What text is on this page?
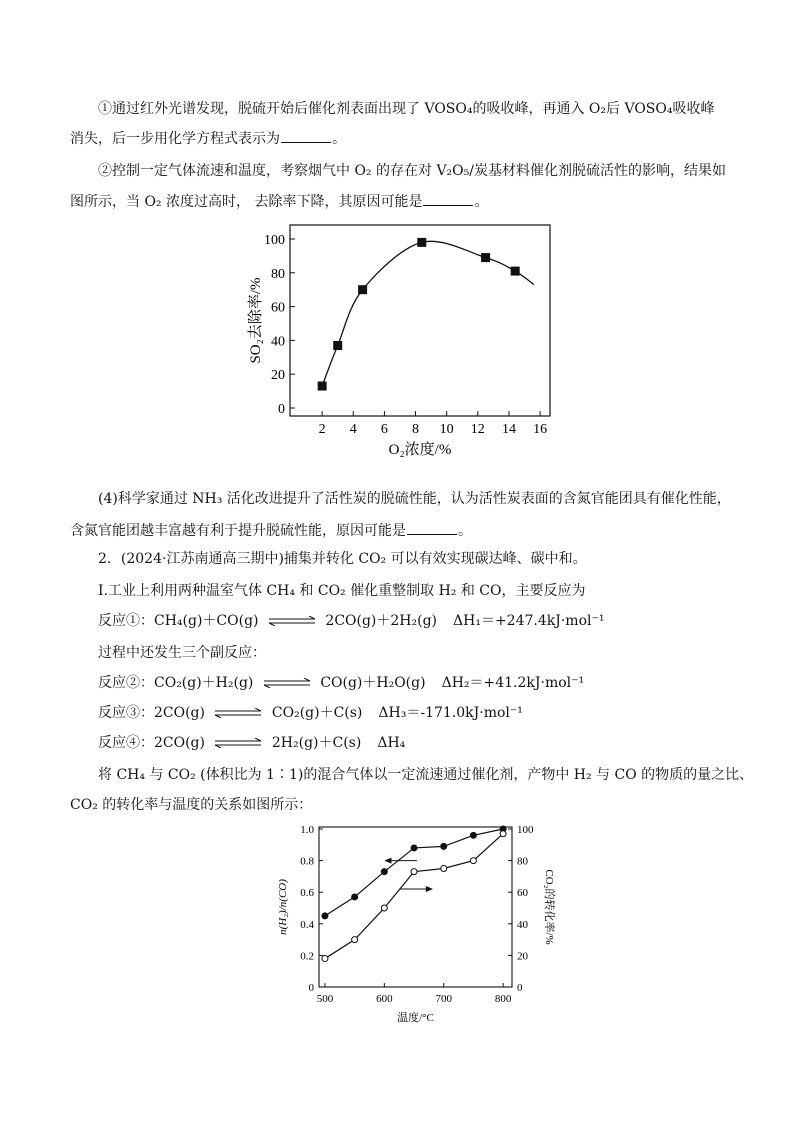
①通过红外光谱发现，脱硫开始后催化剂表面出现了 VOSO₄的吸收峰，再通入 O₂后 VOSO₄吸收峰
消失，后一步用化学方程式表示为	。
②控制一定气体流速和温度，考察烟气中 O₂ 的存在对 V₂O₅/炭基材料催化剂脱硫活性的影响，结果如
图所示，当 O₂ 浓度过高时， 去除率下降，其原因可能是	。
0
20
40
60
80
100
2 4 6 8 10 12 14 16
O₂浓度/%
SO₂去除率/%
(4)科学家通过 NH₃ 活化改进提升了活性炭的脱硫性能，认为活性炭表面的含氮官能团具有催化性能，
含氮官能团越丰富越有利于提升脱硫性能，原因可能是	。
2．(2024·江苏南通高三期中)捕集并转化 CO₂ 可以有效实现碳达峰、碳中和。
Ⅰ.工业上利用两种温室气体 CH₄ 和 CO₂ 催化重整制取 H₂ 和 CO，主要反应为
反应①：CH₄(g)＋CO(g) ⇌ 2CO(g)＋2H₂(g) ΔH₁＝+247.4kJ·mol⁻¹
过程中还发生三个副反应：
反应②：CO₂(g)＋H₂(g) ⇌ CO(g)＋H₂O(g) ΔH₂＝+41.2kJ·mol⁻¹
反应③：2CO(g) ⇌ CO₂(g)＋C(s) ΔH₃＝-171.0kJ·mol⁻¹
反应④：2CO(g) ⇌ 2H₂(g)＋C(s) ΔH₄
将 CH₄ 与 CO₂ (体积比为 1∶1)的混合气体以一定流速通过催化剂，产物中 H₂ 与 CO 的物质的量之比、
CO₂ 的转化率与温度的关系如图所示：
0
0.2
0.4
0.6
0.8
1.0
0
20
40
60
80
100
500	600	700	800
温度/°C
n(H₂)/n(CO)	CO₂的转化率/%
